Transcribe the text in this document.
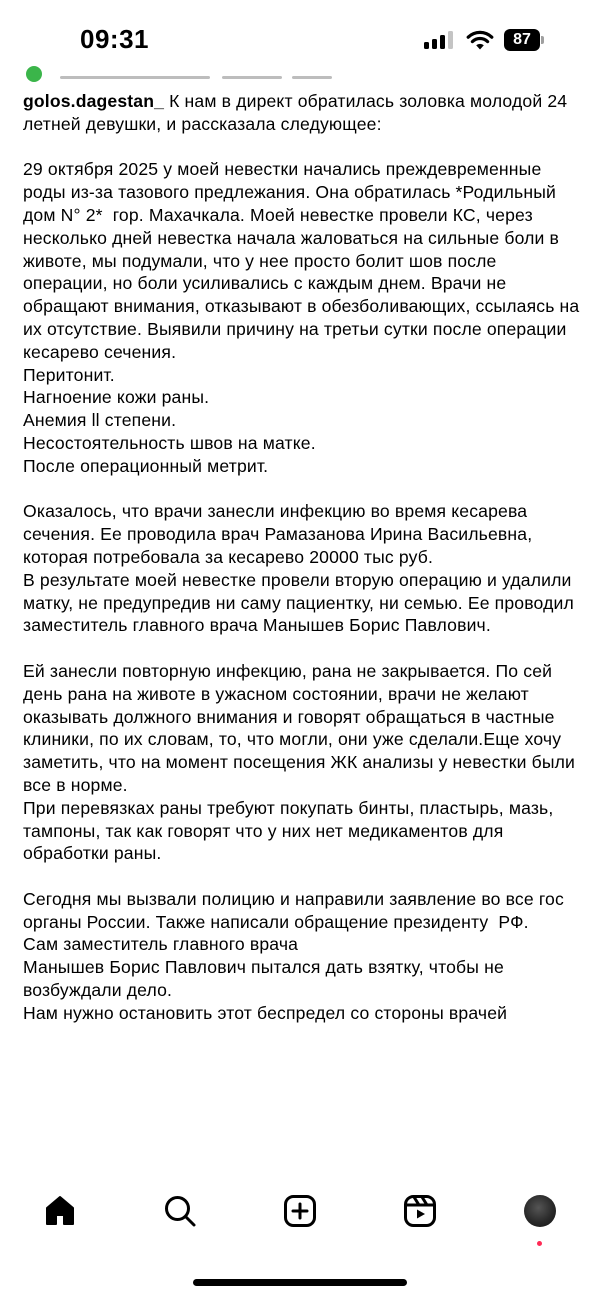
09:31	87
golos.dagestan_ К нам в директ обратилась золовка молодой 24 летней девушки, и рассказала следующее:

29 октября 2025 у моей невестки начались преждевременные роды из-за тазового предлежания. Она обратилась *Родильный дом N° 2*  гор. Махачкала. Моей невестке провели КС, через несколько дней невестка начала жаловаться на сильные боли в животе, мы подумали, что у нее просто болит шов после операции, но боли усиливались с каждым днем. Врачи не обращают внимания, отказывают в обезболивающих, ссылаясь на их отсутствие. Выявили причину на третьи сутки после операции кесарево сечения.
Перитонит.
Нагноение кожи раны.
Анемия ll степени.
Несостоятельность швов на матке.
После операционный метрит.

Оказалось, что врачи занесли инфекцию во время кесарева сечения. Ее проводила врач Рамазанова Ирина Васильевна, которая потребовала за кесарево 20000 тыс руб.
В результате моей невестке провели вторую операцию и удалили матку, не предупредив ни саму пациентку, ни семью. Ее проводил заместитель главного врача Манышев Борис Павлович.

Ей занесли повторную инфекцию, рана не закрывается. По сей день рана на животе в ужасном состоянии, врачи не желают оказывать должного внимания и говорят обращаться в частные клиники, по их словам, то, что могли, они уже сделали.Еще хочу заметить, что на момент посещения ЖК анализы у невестки были все в норме.
При перевязках раны требуют покупать бинты, пластырь, мазь, тампоны, так как говорят что у них нет медикаментов для обработки раны.

Сегодня мы вызвали полицию и направили заявление во все гос органы России. Также написали обращение президенту  РФ.
Сам заместитель главного врача
Манышев Борис Павлович пытался дать взятку, чтобы не возбуждали дело.
Нам нужно остановить этот беспредел со стороны врачей
